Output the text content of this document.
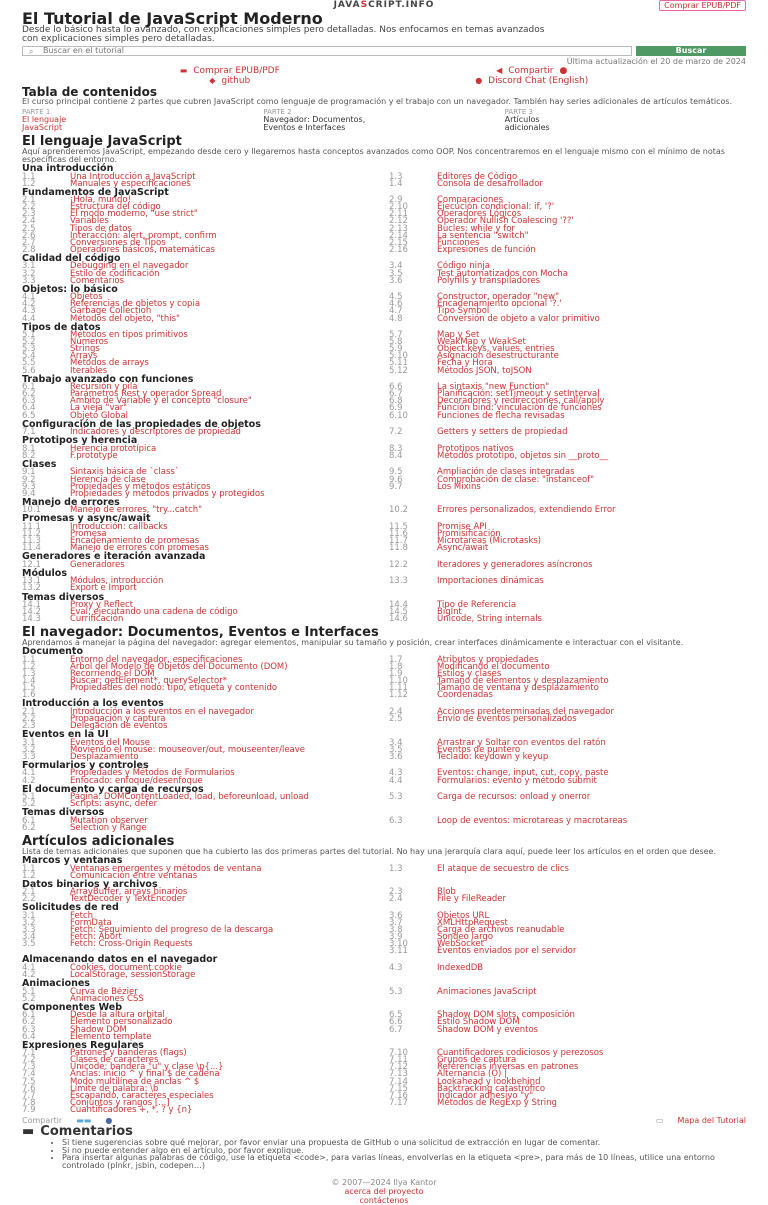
JAVASCRIPT.INFO	Comprar EPUB/PDF
El Tutorial de JavaScript Moderno
Desde lo básico hasta lo avanzado, con explicaciones simples pero detalladas. Nos enfocamos en temas avanzados
con explicaciones simples pero detalladas.
⌕ Buscar en el tutorial	Buscar
Última actualización el 20 de marzo de 2024
▬ Comprar EPUB/PDF
◆ github
◀ Compartir ●
● Discord Chat (English)
Tabla de contenidos
El curso principal contiene 2 partes que cubren JavaScript como lenguaje de programación y el trabajo con un navegador. También hay series adicionales de artículos temáticos.
PARTE 1
El lenguaje
JavaScript
PARTE 2
Navegador: Documentos,
Eventos e Interfaces
PARTE 3
Artículos
adicionales
El lenguaje JavaScript
Aquí aprenderemos JavaScript, empezando desde cero y llegaremos hasta conceptos avanzados como OOP. Nos concentraremos en el lenguaje mismo con el mínimo de notas específicas del entorno.
Una introducción
1.1	Una Introducción a JavaScript	1.3	Editores de Código
1.2	Manuales y especificaciones	1.4	Consola de desarrollador
Fundamentos de JavaScript
2.1	¡Hola, mundo!	2.9	Comparaciones
2.2	Estructura del código	2.10	Ejecución condicional: if, '?'
2.3	El modo moderno, "use strict"	2.11	Operadores Lógicos
2.4	Variables	2.12	Operador Nullish Coalescing '??'
2.5	Tipos de datos	2.13	Bucles: while y for
2.6	Interacción: alert, prompt, confirm	2.14	La sentencia "switch"
2.7	Conversiones de Tipos	2.15	Funciones
2.8	Operadores básicos, matemáticas	2.16	Expresiones de función
Calidad del código
3.1	Debugging en el navegador	3.4	Código ninja
3.2	Estilo de codificación	3.5	Test automatizados con Mocha
3.3	Comentarios	3.6	Polyfills y transpiladores
Objetos: lo básico
4.1	Objetos	4.5	Constructor, operador "new"
4.2	Referencias de objetos y copia	4.6	Encadenamiento opcional '?.'
4.3	Garbage Collection	4.7	Tipo Symbol
4.4	Métodos del objeto, "this"	4.8	Conversión de objeto a valor primitivo
Tipos de datos
5.1	Métodos en tipos primitivos	5.7	Map y Set
5.2	Números	5.8	WeakMap y WeakSet
5.3	Strings	5.9	Object.keys, values, entries
5.4	Arrays	5.10	Asignación desestructurante
5.5	Métodos de arrays	5.11	Fecha y Hora
5.6	Iterables	5.12	Métodos JSON, toJSON
Trabajo avanzado con funciones
6.1	Recursión y pila	6.6	La sintaxis "new Function"
6.2	Parámetros Rest y operador Spread	6.7	Planificación: setTimeout y setInterval
6.3	Ámbito de Variable y el concepto "closure"	6.8	Decoradores y redirecciones, call/apply
6.4	La vieja "var"	6.9	Función bind: vinculación de funciones
6.5	Objeto Global	6.10	Funciones de flecha revisadas
Configuración de las propiedades de objetos
7.1	Indicadores y descriptores de propiedad	7.2	Getters y setters de propiedad
Prototipos y herencia
8.1	Herencia prototípica	8.3	Prototipos nativos
8.2	F.prototype	8.4	Métodos prototipo, objetos sin __proto__
Clases
9.1	Sintaxis básica de `class`	9.5	Ampliación de clases integradas
9.2	Herencia de clase	9.6	Comprobación de clase: "instanceof"
9.3	Propiedades y métodos estáticos	9.7	Los Mixins
9.4	Propiedades y métodos privados y protegidos
Manejo de errores
10.1	Manejo de errores, "try...catch"	10.2	Errores personalizados, extendiendo Error
Promesas y async/await
11.1	Introducción: callbacks	11.5	Promise API
11.2	Promesa	11.6	Promisificación
11.3	Encadenamiento de promesas	11.7	Microtareas (Microtasks)
11.4	Manejo de errores con promesas	11.8	Async/await
Generadores e iteración avanzada
12.1	Generadores	12.2	Iteradores y generadores asíncronos
Módulos
13.1	Módulos, introducción	13.3	Importaciones dinámicas
13.2	Export e Import
Temas diversos
14.1	Proxy y Reflect	14.4	Tipo de Referencia
14.2	Eval: ejecutando una cadena de código	14.5	BigInt
14.3	Currificación	14.6	Unicode, String internals
El navegador: Documentos, Eventos e Interfaces
Aprendamos a manejar la página del navegador: agregar elementos, manipular su tamaño y posición, crear interfaces dinámicamente e interactuar con el visitante.
Documento
1.1	Entorno del navegador, especificaciones	1.7	Atributos y propiedades
1.2	Árbol del Modelo de Objetos del Documento (DOM)	1.8	Modificando el documento
1.3	Recorriendo el DOM	1.9	Estilos y clases
1.4	Buscar: getElement*, querySelector*	1.10	Tamaño de elementos y desplazamiento
1.5	Propiedades del nodo: tipo, etiqueta y contenido	1.11	Tamaño de ventana y desplazamiento
1.6	1.12	Coordenadas
Introducción a los eventos
2.1	Introducción a los eventos en el navegador	2.4	Acciones predeterminadas del navegador
2.2	Propagación y captura	2.5	Envío de eventos personalizados
2.3	Delegación de eventos
Eventos en la UI
3.1	Eventos del Mouse	3.4	Arrastrar y Soltar con eventos del ratón
3.2	Moviendo el mouse: mouseover/out, mouseenter/leave	3.5	Eventos de puntero
3.3	Desplazamiento	3.6	Teclado: keydown y keyup
Formularios y controles
4.1	Propiedades y Métodos de Formularios	4.3	Eventos: change, input, cut, copy, paste
4.2	Enfocado: enfoque/desenfoque	4.4	Formularios: evento y método submit
El documento y carga de recursos
5.1	Página: DOMContentLoaded, load, beforeunload, unload	5.3	Carga de recursos: onload y onerror
5.2	Scripts: async, defer
Temas diversos
6.1	Mutation observer	6.3	Loop de eventos: microtareas y macrotareas
6.2	Selection y Range
Artículos adicionales
Lista de temas adicionales que suponen que ha cubierto las dos primeras partes del tutorial. No hay una jerarquía clara aquí, puede leer los artículos en el orden que desee.
Marcos y ventanas
1.1	Ventanas emergentes y métodos de ventana	1.3	El ataque de secuestro de clics
1.2	Comunicación entre ventanas
Datos binarios y archivos
2.1	ArrayBuffer, arrays binarios	2.3	Blob
2.2	TextDecoder y TextEncoder	2.4	File y FileReader
Solicitudes de red
3.1	Fetch	3.6	Objetos URL
3.2	FormData	3.7	XMLHttpRequest
3.3	Fetch: Seguimiento del progreso de la descarga	3.8	Carga de archivos reanudable
3.4	Fetch: Abort	3.9	Sondeo largo
3.5	Fetch: Cross-Origin Requests	3.10	WebSocket
3.11	Eventos enviados por el servidor
Almacenando datos en el navegador
4.1	Cookies, document.cookie	4.3	IndexedDB
4.2	LocalStorage, sessionStorage
Animaciones
5.1	Curva de Bézier	5.3	Animaciones JavaScript
5.2	Animaciones CSS
Componentes Web
6.1	Desde la altura orbital	6.5	Shadow DOM slots, composición
6.2	Elemento personalizado	6.6	Estilo Shadow DOM
6.3	Shadow DOM	6.7	Shadow DOM y eventos
6.4	Elemento template
Expresiones Regulares
7.1	Patrones y banderas (flags)	7.10	Cuantificadores codiciosos y perezosos
7.2	Clases de caracteres	7.11	Grupos de captura
7.3	Unicode: bandera "u" y clase \p{...}	7.12	Referencias inversas en patrones
7.4	Anclas: inicio ^ y final $ de cadena	7.13	Alternancia (O) |
7.5	Modo multilínea de anclas ^ $	7.14	Lookahead y lookbehind
7.6	Límite de palabra: \b	7.15	Backtracking catastrófico
7.7	Escapando, caracteres especiales	7.16	Indicador adhesivo "y"
7.8	Conjuntos y rangos [...]	7.17	Métodos de RegExp y String
7.9	Cuantificadores +, *, ? y {n}
Compartir ▬▬ ●	▭ Mapa del Tutorial
▬ Comentarios
• Si tiene sugerencias sobre qué mejorar, por favor enviar una propuesta de GitHub o una solicitud de extracción en lugar de comentar.
• Si no puede entender algo en el artículo, por favor explique.
• Para insertar algunas palabras de código, use la etiqueta <code>, para varias líneas, envolverlas en la etiqueta <pre>, para más de 10 líneas, utilice una entorno controlado (plnkr, jsbin, codepen…)
© 2007—2024 Ilya Kantor
acerca del proyecto
contáctenos
